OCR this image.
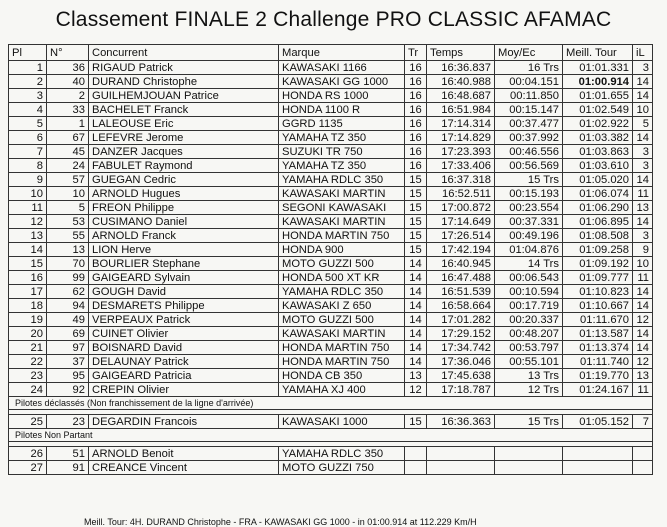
Classement FINALE 2 Challenge PRO CLASSIC AFAMAC
Pl	N°	Concurrent	Marque	Tr	Temps	Moy/Ec	Meill. Tour	iL
1	36	RIGAUD Patrick	KAWASAKI 1166	16	16:36.837	16 Trs	01:01.331	3
2	40	DURAND Christophe	KAWASAKI GG 1000	16	16:40.988	00:04.151	01:00.914	14
3	2	GUILHEMJOUAN Patrice	HONDA RS 1000	16	16:48.687	00:11.850	01:01.655	14
4	33	BACHELET Franck	HONDA 1100 R	16	16:51.984	00:15.147	01:02.549	10
5	1	LALEOUSE Eric	GGRD 1135	16	17:14.314	00:37.477	01:02.922	5
6	67	LEFEVRE Jerome	YAMAHA TZ 350	16	17:14.829	00:37.992	01:03.382	14
7	45	DANZER Jacques	SUZUKI TR 750	16	17:23.393	00:46.556	01:03.863	3
8	24	FABULET Raymond	YAMAHA TZ 350	16	17:33.406	00:56.569	01:03.610	3
9	57	GUEGAN Cedric	YAMAHA RDLC 350	15	16:37.318	15 Trs	01:05.020	14
10	10	ARNOLD Hugues	KAWASAKI MARTIN	15	16:52.511	00:15.193	01:06.074	11
11	5	FREON Philippe	SEGONI KAWASAKI	15	17:00.872	00:23.554	01:06.290	13
12	53	CUSIMANO Daniel	KAWASAKI MARTIN	15	17:14.649	00:37.331	01:06.895	14
13	55	ARNOLD Franck	HONDA MARTIN 750	15	17:26.514	00:49.196	01:08.508	3
14	13	LION Herve	HONDA 900	15	17:42.194	01:04.876	01:09.258	9
15	70	BOURLIER Stephane	MOTO GUZZI 500	14	16:40.945	14 Trs	01:09.192	10
16	99	GAIGEARD Sylvain	HONDA 500 XT KR	14	16:47.488	00:06.543	01:09.777	11
17	62	GOUGH David	YAMAHA RDLC 350	14	16:51.539	00:10.594	01:10.823	14
18	94	DESMARETS Philippe	KAWASAKI Z 650	14	16:58.664	00:17.719	01:10.667	14
19	49	VERPEAUX Patrick	MOTO GUZZI 500	14	17:01.282	00:20.337	01:11.670	12
20	69	CUINET Olivier	KAWASAKI MARTIN	14	17:29.152	00:48.207	01:13.587	14
21	97	BOISNARD David	HONDA MARTIN 750	14	17:34.742	00:53.797	01:13.374	14
22	37	DELAUNAY Patrick	HONDA MARTIN 750	14	17:36.046	00:55.101	01:11.740	12
23	95	GAIGEARD Patricia	HONDA CB 350	13	17:45.638	13 Trs	01:19.770	13
24	92	CREPIN Olivier	YAMAHA XJ 400	12	17:18.787	12 Trs	01:24.167	11
Pilotes déclassés (Non franchissement de la ligne d'arrivée)								

25	23	DEGARDIN Francois	KAWASAKI 1000	15	16:36.363	15 Trs	01:05.152	7
Pilotes Non Partant								

26	51	ARNOLD Benoit	YAMAHA RDLC 350					
27	91	CREANCE Vincent	MOTO GUZZI 750					
Meill. Tour: 4H. DURAND Christophe - FRA - KAWASAKI GG 1000 - in 01:00.914 at 112.229 Km/H
